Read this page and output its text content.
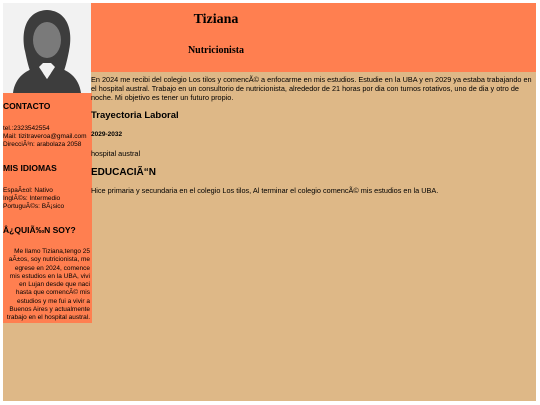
Tiziana
Nutricionista
CONTACTO

tel.:2323542554

Mail: tizitraveroa@gmail.com

DirecciÃ³n: arabolaza 2058

MIS IDIOMAS

EspaÃ±ol: Nativo

InglÃ©s: Intermedio

PortuguÃ©s: BÃ¡sico

Â¿QUIÃ‰N SOY?

Me llamo Tiziana,tengo 25 aÃ±os, soy nutricionista, me egrese en 2024, comence mis estudios en la UBA, vivi en Lujan desde que naci hasta que comencÃ© mis estudios y me fui a vivir a Buenos Aires y actualmente trabajo en el hospital austral.

En 2024 me recibi del colegio Los tilos y comencÃ© a enfocarme en mis estudios. Estudie en la UBA y en 2029 ya estaba trabajando en el hospital austral. Trabajo en un consultorio de nutricionista, alrededor de 21 horas por dia con turnos rotativos, uno de dia y otro de noche. Mi objetivo es tener un futuro propio.

Trayectoria Laboral

2029-2032

hospital austral

EDUCACIÃ“N

Hice primaria y secundaria en el colegio Los tilos, Al terminar el colegio comencÃ© mis estudios en la UBA.
